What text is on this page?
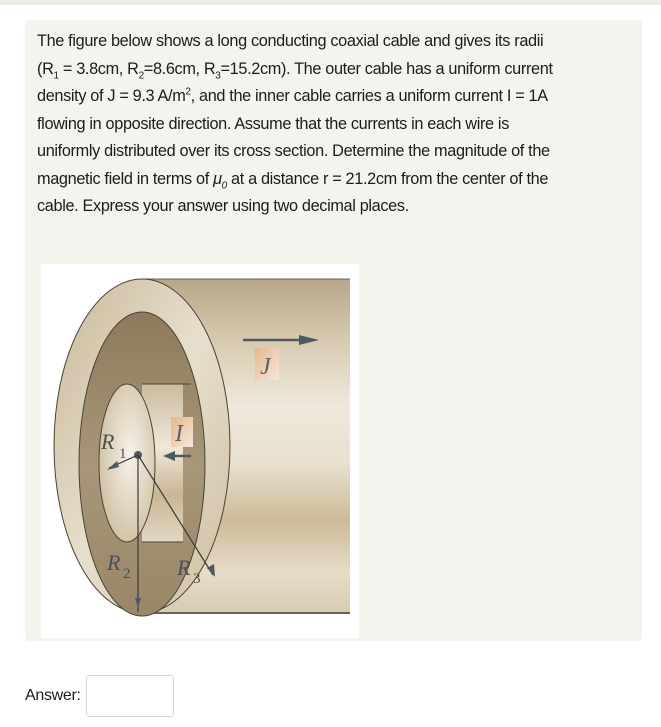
The figure below shows a long conducting coaxial cable and gives its radii
($R_1 = 3.8cm$, $R_2=8.6cm$, $R_3=15.2cm$). The outer cable has a uniform current
density of J = 9.3 $A/m^2$, and the inner cable carries a uniform current I = 1A
flowing in opposite direction. Assume that the currents in each wire is
uniformly distributed over its cross section. Determine the magnitude of the
magnetic field in terms of $\mu_0$ at a distance r = 21.2cm from the center of the
cable. Express your answer using two decimal places.
J
I
R 1
R 2 R 3
Answer:
